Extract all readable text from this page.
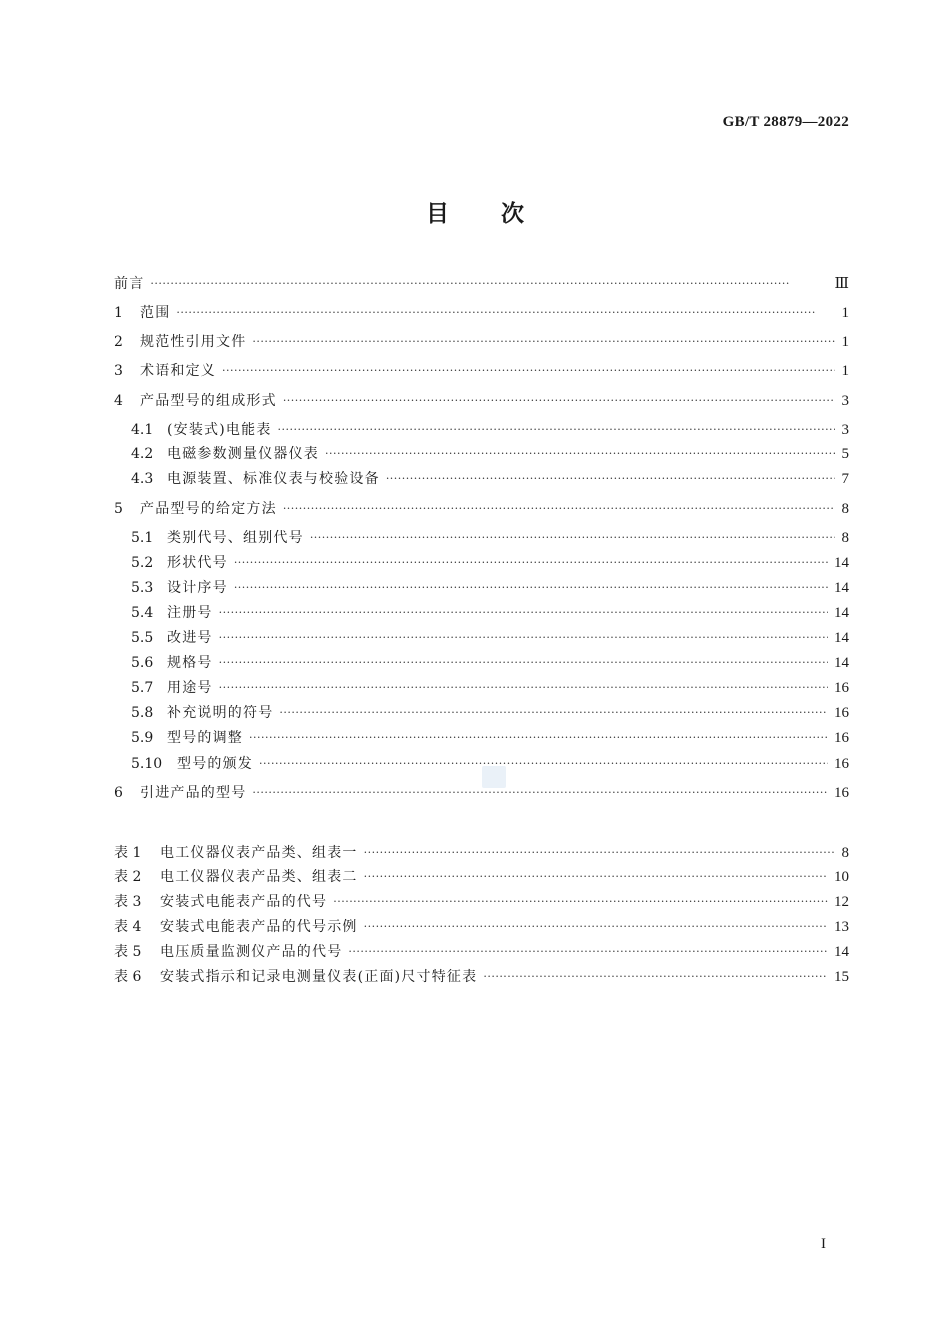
GB/T 28879—2022
目次
前言 ·····	Ⅲ
1	范围 ·····	1
2	规范性引用文件 ·····	1
3	术语和定义 ·····	1
4	产品型号的组成形式 ·····	3
4.1 (安装式)电能表 ·····	3
4.2 电磁参数测量仪器仪表 ·····	5
4.3 电源装置、标准仪表与校验设备 ·····	7
5	产品型号的给定方法 ·····	8
5.1 类别代号、组别代号 ·····	8
5.2 形状代号 ·····	14
5.3 设计序号 ·····	14
5.4 注册号 ·····	14
5.5 改进号 ·····	14
5.6 规格号 ·····	14
5.7 用途号 ·····	16
5.8 补充说明的符号 ·····	16
5.9 型号的调整 ·····	16
5.10	型号的颁发 ·····	16
6	引进产品的型号 ·····	16
表 1	电工仪器仪表产品类、组表一 ·····	8
表 2	电工仪器仪表产品类、组表二 ·····	10
表 3	安装式电能表产品的代号 ·····	12
表 4	安装式电能表产品的代号示例 ·····	13
表 5	电压质量监测仪产品的代号 ·····	14
表 6	安装式指示和记录电测量仪表(正面)尺寸特征表 ·····	15
I
